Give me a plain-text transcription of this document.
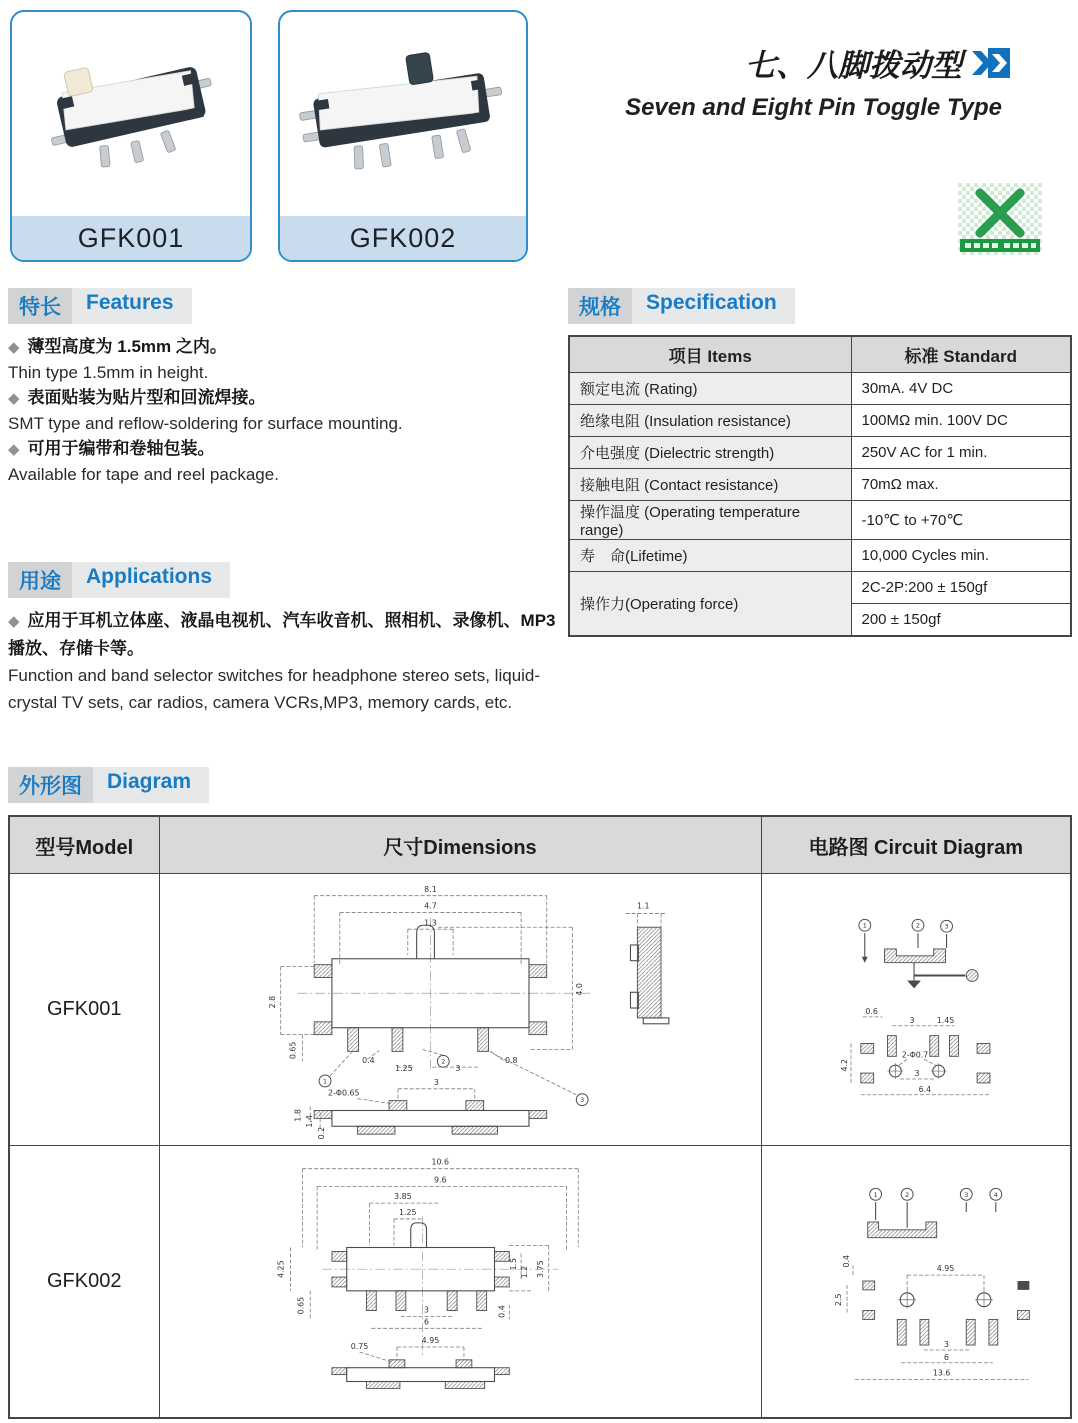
GFK001	GFK002
七、八脚拨动型
Seven and Eight Pin Toggle Type
特长	Features
◆ 薄型高度为 1.5mm 之内。
Thin type 1.5mm in height.
◆ 表面贴装为贴片型和回流焊接。
SMT type and reflow-soldering for surface mounting.
◆ 可用于编带和卷轴包装。
Available for tape and reel package.
规格	Specification
项目 Items	标准 Standard
额定电流 (Rating)	30mA. 4V DC
绝缘电阻 (Insulation resistance)	100MΩ min. 100V DC
介电强度 (Dielectric strength)	250V AC for 1 min.
接触电阻 (Contact resistance)	70mΩ max.
操作温度 (Operating temperature range)	-10℃ to +70℃
寿　命(Lifetime)	10,000 Cycles min.
操作力(Operating force)	2C-2P:200 ± 150gf
	200 ± 150gf
用途	Applications
◆ 应用于耳机立体座、液晶电视机、汽车收音机、照相机、录像机、MP3播放、存储卡等。
Function and band selector switches for headphone stereo sets, liquid-crystal TV sets, car radios, camera VCRs,MP3, memory cards, etc.
外形图	Diagram
型号Model	尺寸Dimensions	电路图 Circuit Diagram
GFK001	
8.1
4.7
1.3
4.0
2.8
0.65
0.4
1.25	3
0.8
1
2
3
1.1
3
2-Φ0.65
1.8 1.4
0.2

1	2	3
0.6
3	1.45
2-Φ0.7
3
4.2
6.4

GFK002	
10.6
9.6
3.85
1.25
4.25
0.65
1.5
1.2 3.75
0.4
3
6
4.95
0.75

1	2	3	4
4.95
0.4
2.5
3
6
13.6
